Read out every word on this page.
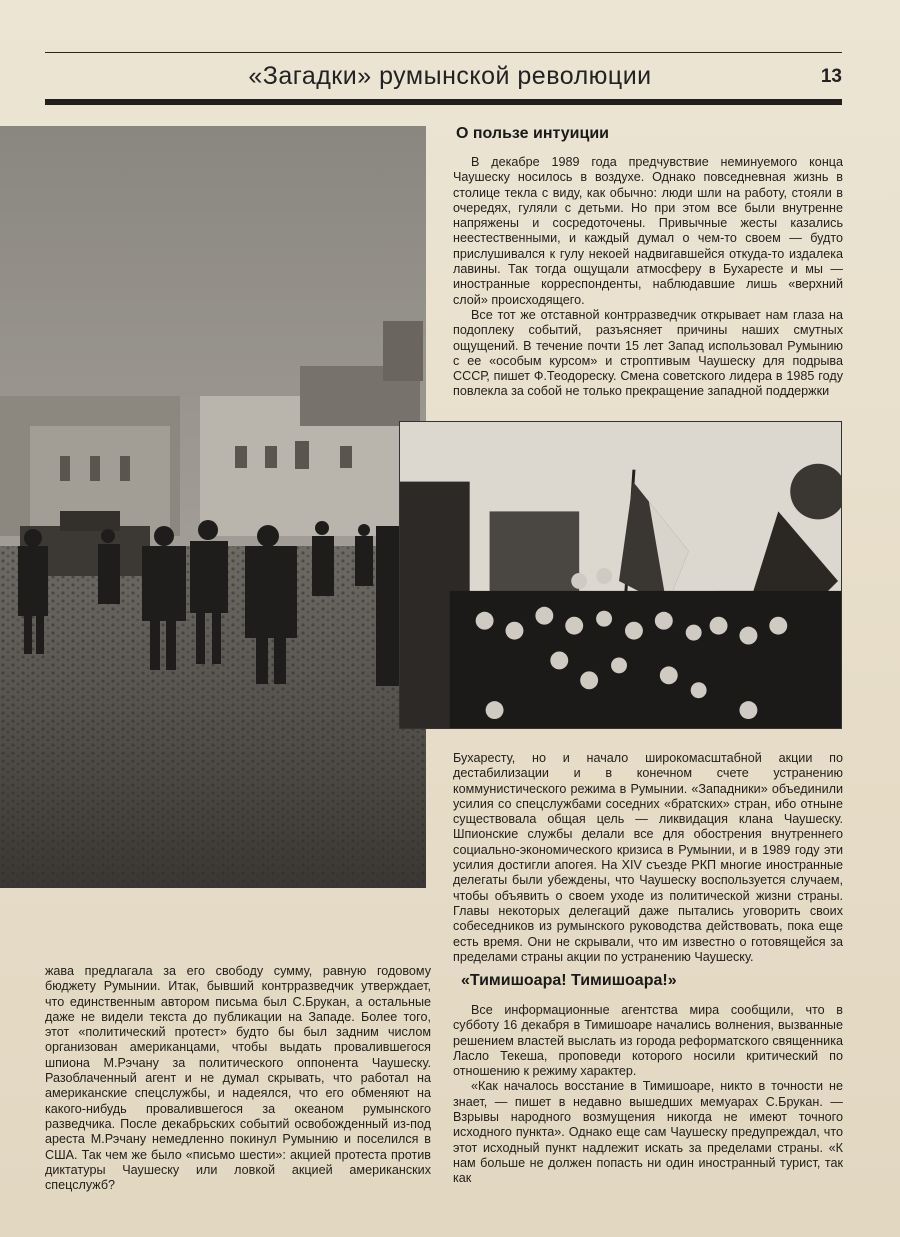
«Загадки» румынской революции	13
О пользе интуиции

В декабре 1989 года предчувствие неминуемого конца Чаушеску носилось в воздухе. Однако повседневная жизнь в столице текла с виду, как обычно: люди шли на работу, стояли в очередях, гуляли с детьми. Но при этом все были внутренне напряжены и сосредоточены. Привычные жесты казались неестественными, и каждый думал о чем-то своем — будто прислушивался к гулу некоей надвигавшейся откуда-то издалека лавины. Так тогда ощущали атмосферу в Бухаресте и мы — иностранные корреспонденты, наблюдавшие лишь «верхний слой» происходящего.

Все тот же отставной контрразведчик открывает нам глаза на подоплеку событий, разъясняет причины наших смутных ощущений. В течение почти 15 лет Запад использовал Румынию с ее «особым курсом» и строптивым Чаушеску для подрыва СССР, пишет Ф.Теодореску. Смена советского лидера в 1985 году повлекла за собой не только прекращение западной поддержки

Бухаресту, но и начало широкомасштабной акции по дестабилизации и в конечном счете устранению коммунистического режима в Румынии. «Западники» объединили усилия со спецслужбами соседних «братских» стран, ибо отныне существовала общая цель — ликвидация клана Чаушеску. Шпионские службы делали все для обострения внутреннего социально-экономического кризиса в Румынии, и в 1989 году эти усилия достигли апогея. На XIV съезде РКП многие иностранные делегаты были убеждены, что Чаушеску воспользуется случаем, чтобы объявить о своем уходе из политической жизни страны. Главы некоторых делегаций даже пытались уговорить своих собеседников из румынского руководства действовать, пока еще есть время. Они не скрывали, что им известно о готовящейся за пределами страны акции по устранению Чаушеску.

жава предлагала за его свободу сумму, равную годовому бюджету Румынии. Итак, бывший контрразведчик утверждает, что единственным автором письма был С.Брукан, а остальные даже не видели текста до публикации на Западе. Более того, этот «политический протест» будто бы был задним числом организован американцами, чтобы выдать провалившегося шпиона М.Рэчану за политического оппонента Чаушеску. Разоблаченный агент и не думал скрывать, что работал на американские спецслужбы, и надеялся, что его обменяют на какого-нибудь провалившегося за океаном румынского разведчика. После декабрьских событий освобожденный из-под ареста М.Рэчану немедленно покинул Румынию и поселился в США. Так чем же было «письмо шести»: акцией протеста против диктатуры Чаушеску или ловкой акцией американских спецслужб?

«Тимишоара! Тимишоара!»

Все информационные агентства мира сообщили, что в субботу 16 декабря в Тимишоаре начались волнения, вызванные решением властей выслать из города реформатского священника Ласло Текеша, проповеди которого носили критический по отношению к режиму характер.

«Как началось восстание в Тимишоаре, никто в точности не знает, — пишет в недавно вышедших мемуарах С.Брукан. — Взрывы народного возмущения никогда не имеют точного исходного пункта». Однако еще сам Чаушеску предупреждал, что этот исходный пункт надлежит искать за пределами страны. «К нам больше не должен попасть ни один иностранный турист, так как
